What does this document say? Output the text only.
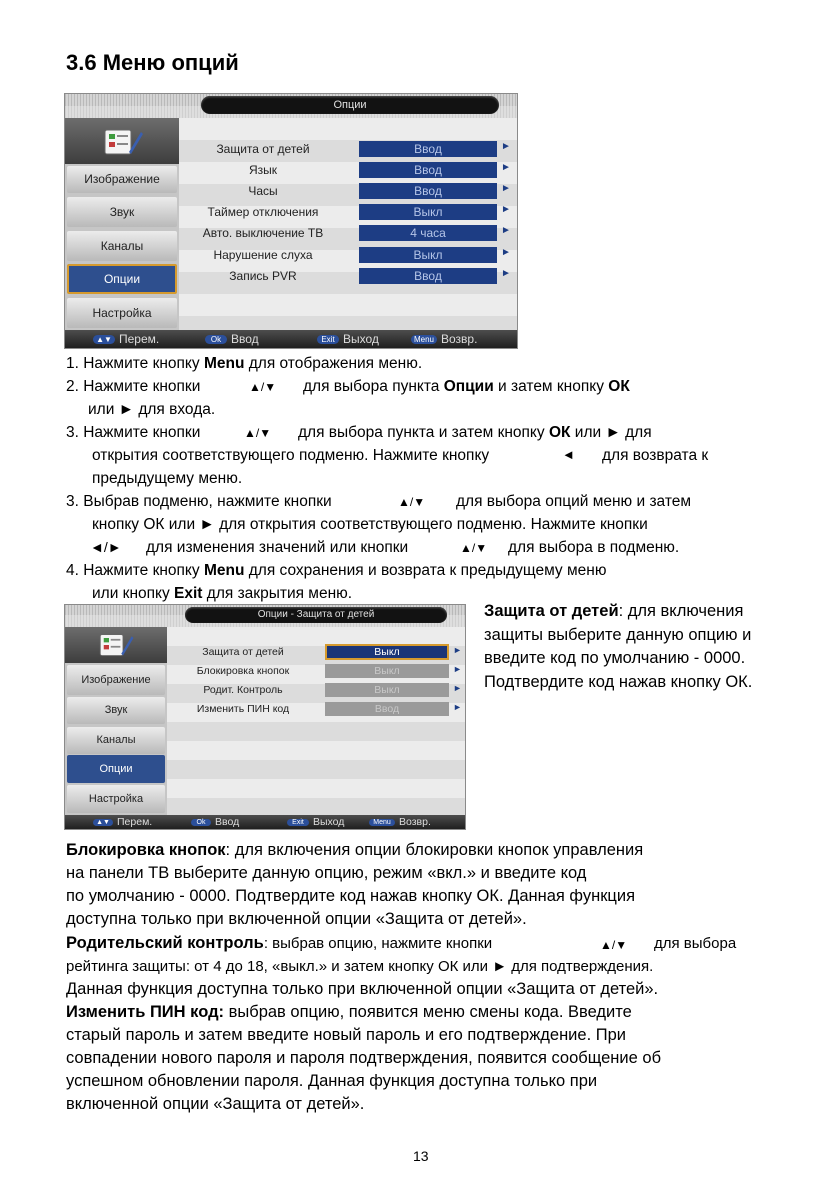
3.6 Меню опций
Опции
Изображение
Звук
Каналы
Опции
Настройка
Защита от детей	Ввод	►
Язык	Ввод	►
Часы	Ввод	►
Таймер отключения	Выкл	►
Авто. выключение ТВ	4 часа	►
Нарушение слуха	Выкл	►
Запись PVR	Ввод	►
▲▼ Перем.	Ok Ввод	Exit Выход	Menu Возвр.
1. Нажмите кнопку Menu для отображения меню.
2. Нажмите кнопки	▲/▼	для выбора пункта Опции и затем кнопку ОК
или ► для входа.
3. Нажмите кнопки	▲/▼ для выбора пункта и затем кнопку ОК или ► для
открытия соответствующего подменю. Нажмите кнопку	◄ для возврата к
предыдущему меню.
3. Выбрав подменю, нажмите кнопки	▲/▼ для выбора опций меню и затем
кнопку ОК или ► для открытия соответствующего подменю. Нажмите кнопки
◄/► для изменения значений или кнопки	▲/▼ для выбора в подменю.
4. Нажмите кнопку Menu для сохранения и возврата к предыдущему меню
или кнопку Exit для закрытия меню.
Опции - Защита от детей
Изображение
Звук
Каналы
Опции
Настройка
Защита от детей	Выкл	►
Блокировка кнопок	Выкл	►
Родит. Контроль	Выкл	►
Изменить ПИН код	Ввод	►
▲▼ Перем.	Ok Ввод	Exit Выход	Menu Возвр.
Защита от детей: для включения
защиты выберите данную опцию и
введите код по умолчанию - 0000.
Подтвердите код нажав кнопку ОК.
Блокировка кнопок: для включения опции блокировки кнопок управления
на панели ТВ выберите данную опцию, режим «вкл.» и введите код
по умолчанию - 0000. Подтвердите код нажав кнопку ОК. Данная функция
доступна только при включенной опции «Защита от детей».
Родительский контроль: выбрав опцию, нажмите кнопки	▲/▼ для выбора
рейтинга защиты: от 4 до 18, «выкл.» и затем кнопку ОК или ► для подтверждения.
Данная функция доступна только при включенной опции «Защита от детей».
Изменить ПИН код: выбрав опцию, появится меню смены кода. Введите
старый пароль и затем введите новый пароль и его подтверждение. При
совпадении нового пароля и пароля подтверждения, появится сообщение об
успешном обновлении пароля. Данная функция доступна только при
включенной опции «Защита от детей».
13
